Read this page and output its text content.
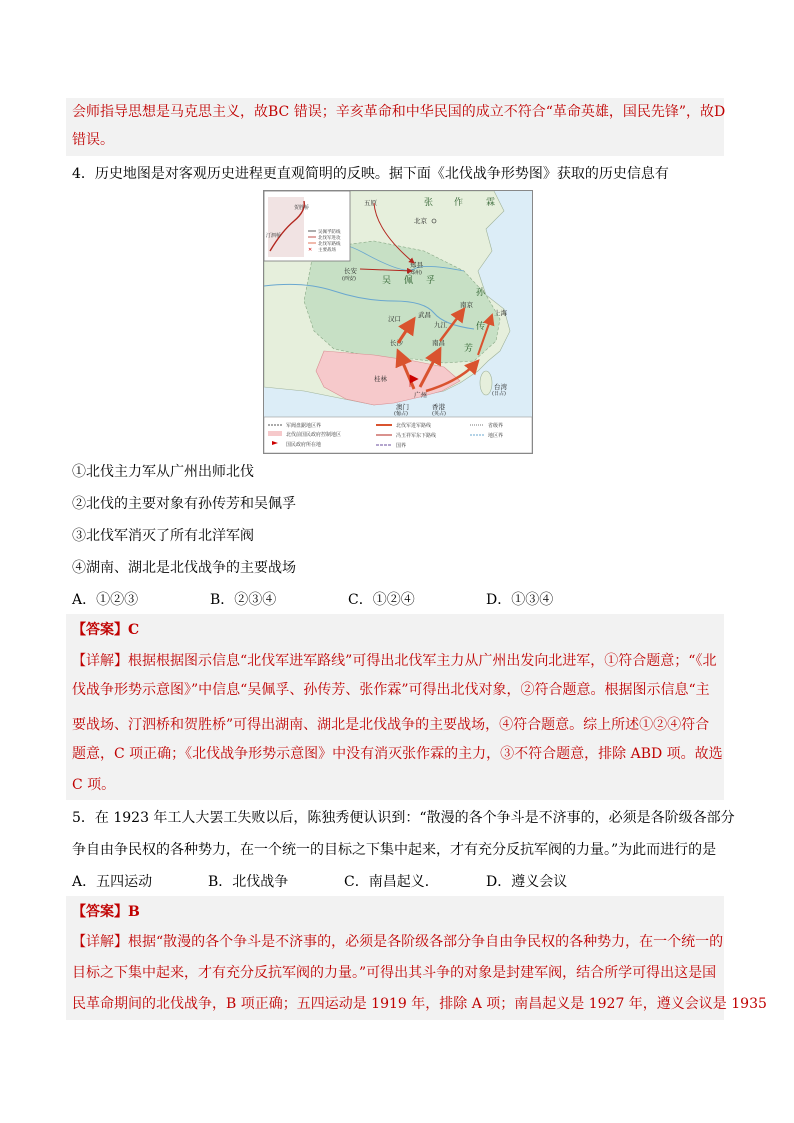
会师指导思想是马克思主义，故BC 错误；辛亥革命和中华民国的成立不符合“革命英雄，国民先锋”，故D
错误。
4．历史地图是对客观历史进程更直观简明的反映。据下面《北伐战争形势图》获取的历史信息有
汀泗桥
贺胜桥
吴佩孚防线
北伐军进攻
北伐军路线
✕ 主要战场
张 作	霖
吴 佩 孚
孙
传
芳
五原
北京
长安
(西安)
郑县
(郑州)
南京
上海
汉口	武昌
九江
南昌
长沙
桂林
广州
香港
(英占)
澳门
(葡占)
台湾
(日占)
军阀盘踞地区界
北伐前国民政府控制地区
国民政府所在地
北伐军进军路线
冯玉祥军东下路线
国界
省级界
地区界
①北伐主力军从广州出师北伐
②北伐的主要对象有孙传芳和吴佩孚
③北伐军消灭了所有北洋军阀
④湖南、湖北是北伐战争的主要战场
A．①②③	B．②③④	C．①②④	D．①③④
【答案】C
【详解】根据根据图示信息“北伐军进军路线”可得出北伐军主力从广州出发向北进军，①符合题意；“《北
伐战争形势示意图》”中信息“吴佩孚、孙传芳、张作霖”可得出北伐对象，②符合题意。根据图示信息“主
要战场、汀泗桥和贺胜桥”可得出湖南、湖北是北伐战争的主要战场，④符合题意。综上所述①②④符合
题意，C 项正确；《北伐战争形势示意图》中没有消灭张作霖的主力，③不符合题意，排除 ABD 项。故选
C 项。
5．在 1923 年工人大罢工失败以后，陈独秀便认识到：“散漫的各个争斗是不济事的，必须是各阶级各部分
争自由争民权的各种势力，在一个统一的目标之下集中起来，才有充分反抗军阀的力量。”为此而进行的是
A．五四运动	B．北伐战争	C．南昌起义．	D．遵义会议
【答案】B
【详解】根据“散漫的各个争斗是不济事的，必须是各阶级各部分争自由争民权的各种势力，在一个统一的
目标之下集中起来，才有充分反抗军阀的力量。”可得出其斗争的对象是封建军阀，结合所学可得出这是国
民革命期间的北伐战争，B 项正确；五四运动是 1919 年，排除 A 项；南昌起义是 1927 年，遵义会议是 1935
